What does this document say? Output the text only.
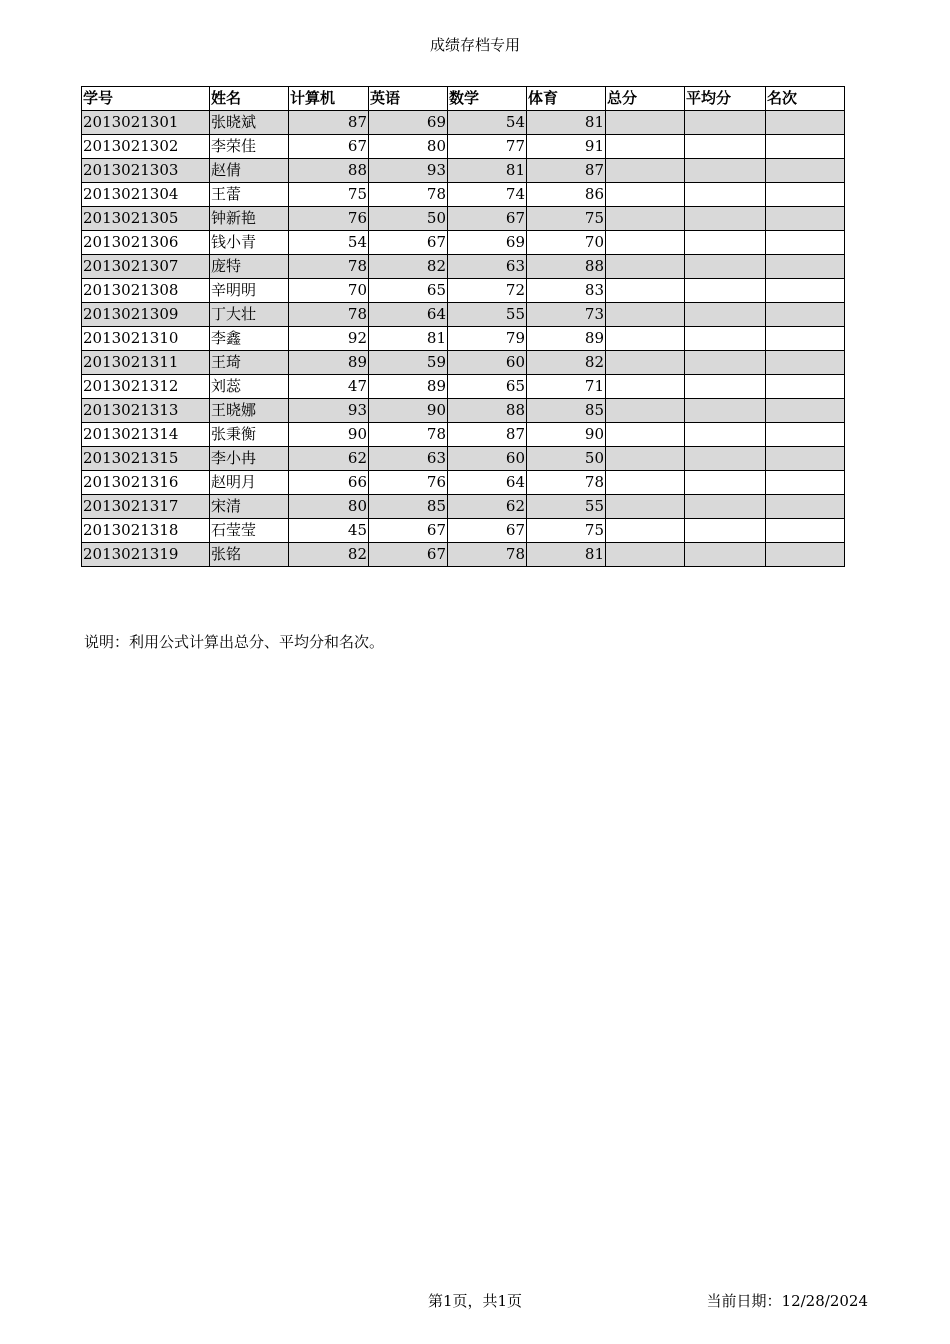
成绩存档专用
学号	姓名	计算机	英语	数学	体育	总分	平均分	名次
2013021301	张晓斌	87	69	54	81			
2013021302	李荣佳	67	80	77	91			
2013021303	赵倩	88	93	81	87			
2013021304	王蕾	75	78	74	86			
2013021305	钟新艳	76	50	67	75			
2013021306	钱小青	54	67	69	70			
2013021307	庞特	78	82	63	88			
2013021308	辛明明	70	65	72	83			
2013021309	丁大壮	78	64	55	73			
2013021310	李鑫	92	81	79	89			
2013021311	王琦	89	59	60	82			
2013021312	刘蕊	47	89	65	71			
2013021313	王晓娜	93	90	88	85			
2013021314	张秉衡	90	78	87	90			
2013021315	李小冉	62	63	60	50			
2013021316	赵明月	66	76	64	78			
2013021317	宋清	80	85	62	55			
2013021318	石莹莹	45	67	67	75			
2013021319	张铭	82	67	78	81			
说明：利用公式计算出总分、平均分和名次。
第1页，共1页	当前日期：12/28/2024
